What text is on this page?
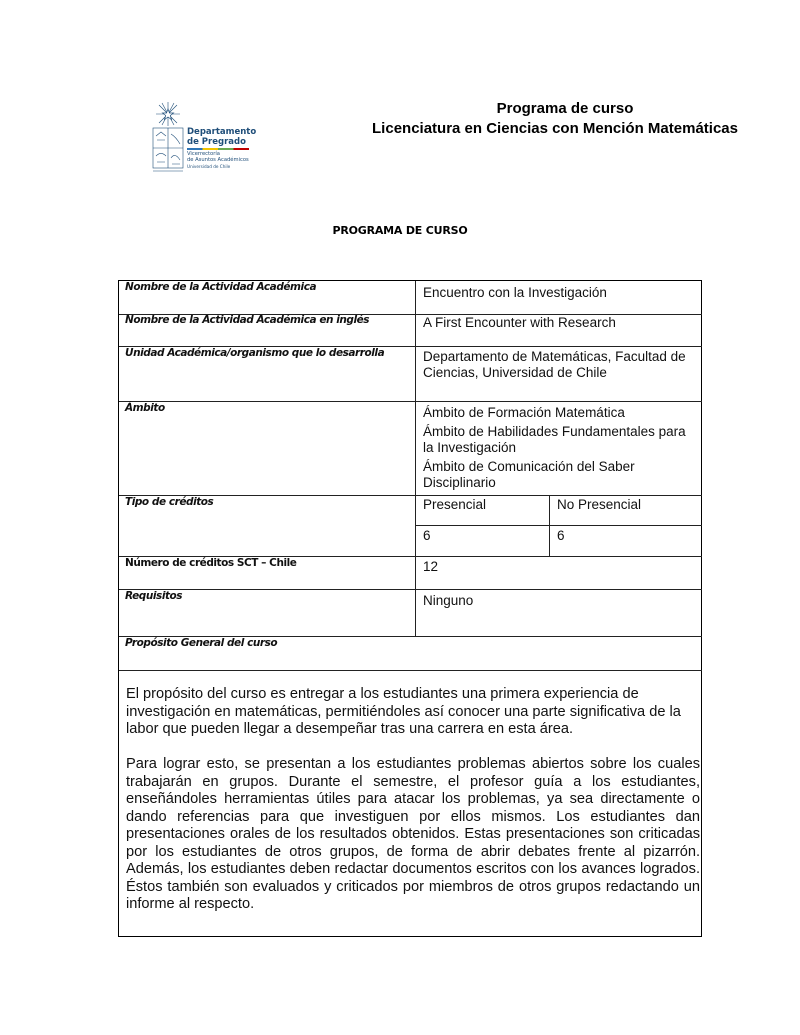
Departamento
de Pregrado
Vicerrectoría
de Asuntos Académicos
Universidad de Chile
Programa de curso
Licenciatura en Ciencias con Mención Matemáticas
PROGRAMA DE CURSO
Nombre de la Actividad Académica	Encuentro con la Investigación
Nombre de la Actividad Académica en inglés	A First Encounter with Research
Unidad Académica/organismo que lo desarrolla	Departamento de Matemáticas, Facultad de Ciencias, Universidad de Chile
Ámbito	Ámbito de Formación Matemática
Ámbito de Habilidades Fundamentales para la Investigación
Ámbito de Comunicación del Saber Disciplinario
Tipo de créditos	Presencial	No Presencial
6	6
Número de créditos SCT – Chile	12
Requisitos	Ninguno
Propósito General del curso
El propósito del curso es entregar a los estudiantes una primera experiencia de investigación en matemáticas, permitiéndoles así conocer una parte significativa de la labor que pueden llegar a desempeñar tras una carrera en esta área.
Para lograr esto, se presentan a los estudiantes problemas abiertos sobre los cuales trabajarán en grupos. Durante el semestre, el profesor guía a los estudiantes, enseñándoles herramientas útiles para atacar los problemas, ya sea directamente o dando referencias para que investiguen por ellos mismos. Los estudiantes dan presentaciones orales de los resultados obtenidos. Estas presentaciones son criticadas por los estudiantes de otros grupos, de forma de abrir debates frente al pizarrón. Además, los estudiantes deben redactar documentos escritos con los avances logrados. Éstos también son evaluados y criticados por miembros de otros grupos redactando un informe al respecto.
